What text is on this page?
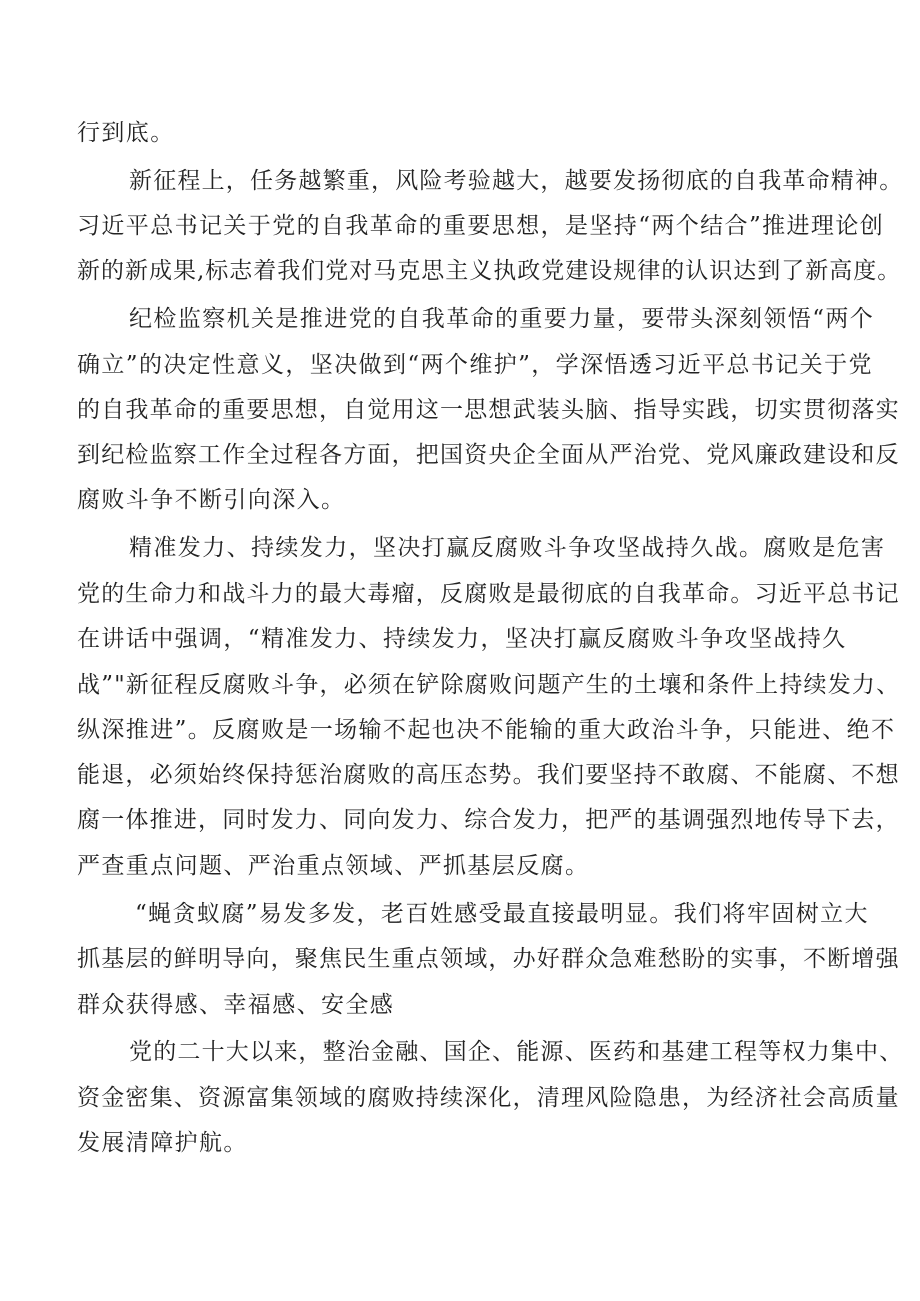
行到底。

新征程上，任务越繁重，风险考验越大，越要发扬彻底的自我革命精神。

习近平总书记关于党的自我革命的重要思想，是坚持“两个结合”推进理论创

新的新成果,标志着我们党对马克思主义执政党建设规律的认识达到了新高度。

纪检监察机关是推进党的自我革命的重要力量，要带头深刻领悟“两个

确立”的决定性意义，坚决做到“两个维护”，学深悟透习近平总书记关于党

的自我革命的重要思想，自觉用这一思想武装头脑、指导实践，切实贯彻落实

到纪检监察工作全过程各方面，把国资央企全面从严治党、党风廉政建设和反

腐败斗争不断引向深入。

精准发力、持续发力，坚决打赢反腐败斗争攻坚战持久战。腐败是危害

党的生命力和战斗力的最大毒瘤，反腐败是最彻底的自我革命。习近平总书记

在讲话中强调，“精准发力、持续发力，坚决打赢反腐败斗争攻坚战持久

战”"新征程反腐败斗争，必须在铲除腐败问题产生的土壤和条件上持续发力、

纵深推进”。反腐败是一场输不起也决不能输的重大政治斗争，只能进、绝不

能退，必须始终保持惩治腐败的高压态势。我们要坚持不敢腐、不能腐、不想

腐一体推进，同时发力、同向发力、综合发力，把严的基调强烈地传导下去，

严查重点问题、严治重点领域、严抓基层反腐。

“蝇贪蚁腐”易发多发，老百姓感受最直接最明显。我们将牢固树立大

抓基层的鲜明导向，聚焦民生重点领域，办好群众急难愁盼的实事，不断增强

群众获得感、幸福感、安全感

党的二十大以来，整治金融、国企、能源、医药和基建工程等权力集中、

资金密集、资源富集领域的腐败持续深化，清理风险隐患，为经济社会高质量

发展清障护航。
